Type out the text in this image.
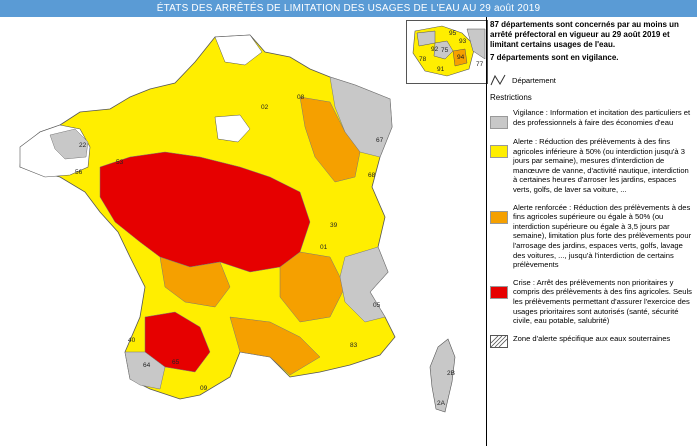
ÉTATS DES ARRÊTÉS DE LIMITATION DES USAGES DE L'EAU AU 29 août 2019
02
08
22
56
53
67
68
39
01
40
65
09
64
83
05
2B
2A
95
93
92 75
94
78
91
77
87 départements sont concernés par au moins un arrêté préfectoral en vigueur au 29 août 2019 et limitant certains usages de l'eau.
7 départements sont en vigilance.
Département
Restrictions
Vigilance : Information et incitation des particuliers et des professionnels à faire des économies d'eau
Alerte : Réduction des prélèvements à des fins agricoles inférieure à 50% (ou interdiction jusqu'à 3 jours par semaine), mesures d'interdiction de manœuvre de vanne, d'activité nautique, interdiction à certaines heures d'arroser les jardins, espaces verts, golfs, de laver sa voiture, ...
Alerte renforcée : Réduction des prélèvements à des fins agricoles supérieure ou égale à 50% (ou interdiction supérieure ou égale à 3,5 jours par semaine), limitation plus forte des prélèvements pour l'arrosage des jardins, espaces verts, golfs, lavage des voitures, ..., jusqu'à l'interdiction de certains prélèvements
Crise : Arrêt des prélèvements non prioritaires y compris des prélèvements à des fins agricoles. Seuls les prélèvements permettant d'assurer l'exercice des usages prioritaires sont autorisés (santé, sécurité civile, eau potable, salubrité)
Zone d'alerte spécifique aux eaux souterraines
